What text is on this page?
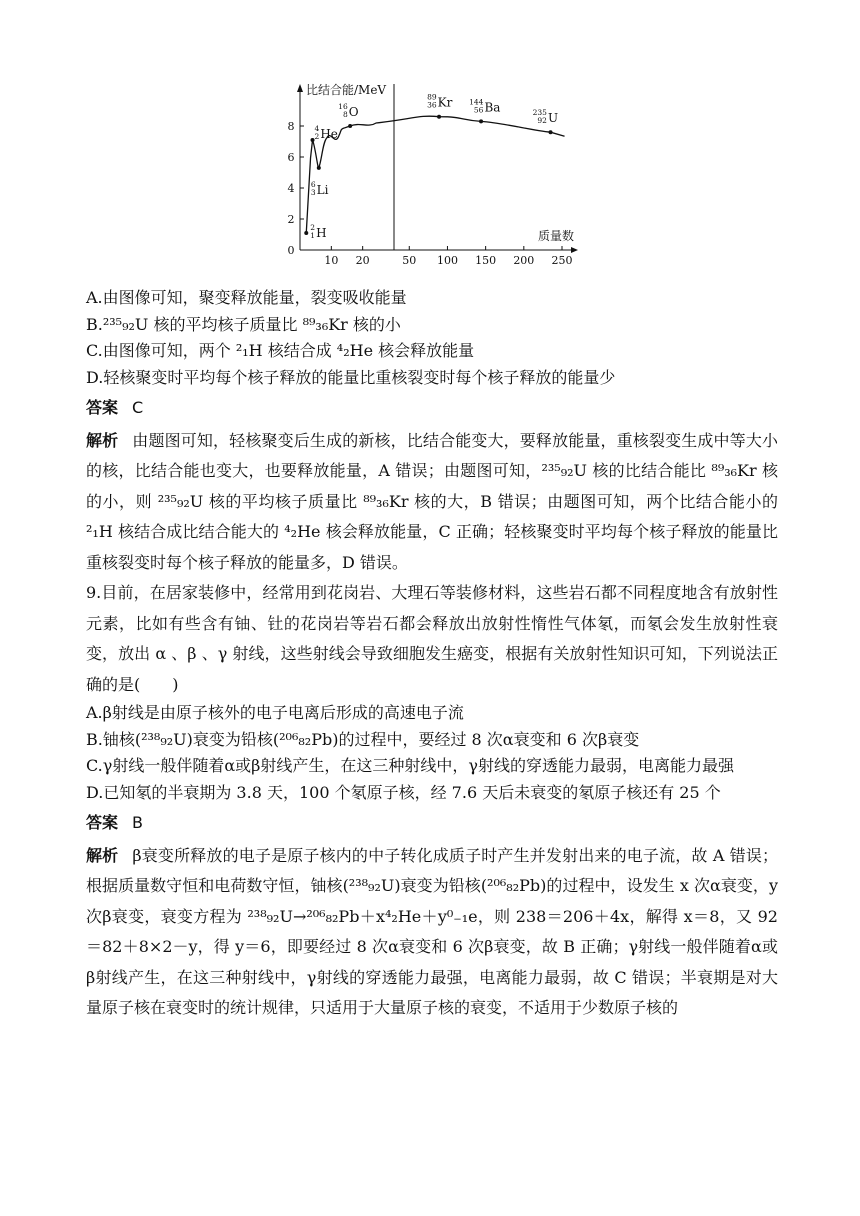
比结合能/MeV
质量数
0
2
4
6
8
10 20	50 100 150 200 250
2
1 H
4
2 He
6
3 Li
16
8 O
89
36 Kr 144
56 Ba	235
92 U

A.由图像可知，聚变释放能量，裂变吸收能量

B.²³⁵₉₂U 核的平均核子质量比 ⁸⁹₃₆Kr 核的小

C.由图像可知，两个 ²₁H 核结合成 ⁴₂He 核会释放能量

D.轻核聚变时平均每个核子释放的能量比重核裂变时每个核子释放的能量少

答案 C

解析 由题图可知，轻核聚变后生成的新核，比结合能变大，要释放能量，重核裂变生成中等大小的核，比结合能也变大，也要释放能量，A 错误；由题图可知，²³⁵₉₂U 核的比结合能比 ⁸⁹₃₆Kr 核的小，则 ²³⁵₉₂U 核的平均核子质量比 ⁸⁹₃₆Kr 核的大，B 错误；由题图可知，两个比结合能小的 ²₁H 核结合成比结合能大的 ⁴₂He 核会释放能量，C 正确；轻核聚变时平均每个核子释放的能量比重核裂变时每个核子释放的能量多，D 错误。

9.目前，在居家装修中，经常用到花岗岩、大理石等装修材料，这些岩石都不同程度地含有放射性元素，比如有些含有铀、钍的花岗岩等岩石都会释放出放射性惰性气体氡，而氡会发生放射性衰变，放出 α 、β 、γ 射线，这些射线会导致细胞发生癌变，根据有关放射性知识可知，下列说法正确的是(　　)

A.β射线是由原子核外的电子电离后形成的高速电子流

B.铀核(²³⁸₉₂U)衰变为铅核(²⁰⁶₈₂Pb)的过程中，要经过 8 次α衰变和 6 次β衰变

C.γ射线一般伴随着α或β射线产生，在这三种射线中，γ射线的穿透能力最弱，电离能力最强

D.已知氡的半衰期为 3.8 天，100 个氡原子核，经 7.6 天后未衰变的氡原子核还有 25 个

答案 B

解析 β衰变所释放的电子是原子核内的中子转化成质子时产生并发射出来的电子流，故 A 错误；根据质量数守恒和电荷数守恒，铀核(²³⁸₉₂U)衰变为铅核(²⁰⁶₈₂Pb)的过程中，设发生 x 次α衰变，y 次β衰变，衰变方程为 ²³⁸₉₂U→²⁰⁶₈₂Pb＋x⁴₂He＋y⁰₋₁e，则 238＝206＋4x，解得 x＝8，又 92＝82＋8×2－y，得 y＝6，即要经过 8 次α衰变和 6 次β衰变，故 B 正确；γ射线一般伴随着α或β射线产生，在这三种射线中，γ射线的穿透能力最强，电离能力最弱，故 C 错误；半衰期是对大量原子核在衰变时的统计规律，只适用于大量原子核的衰变，不适用于少数原子核的
